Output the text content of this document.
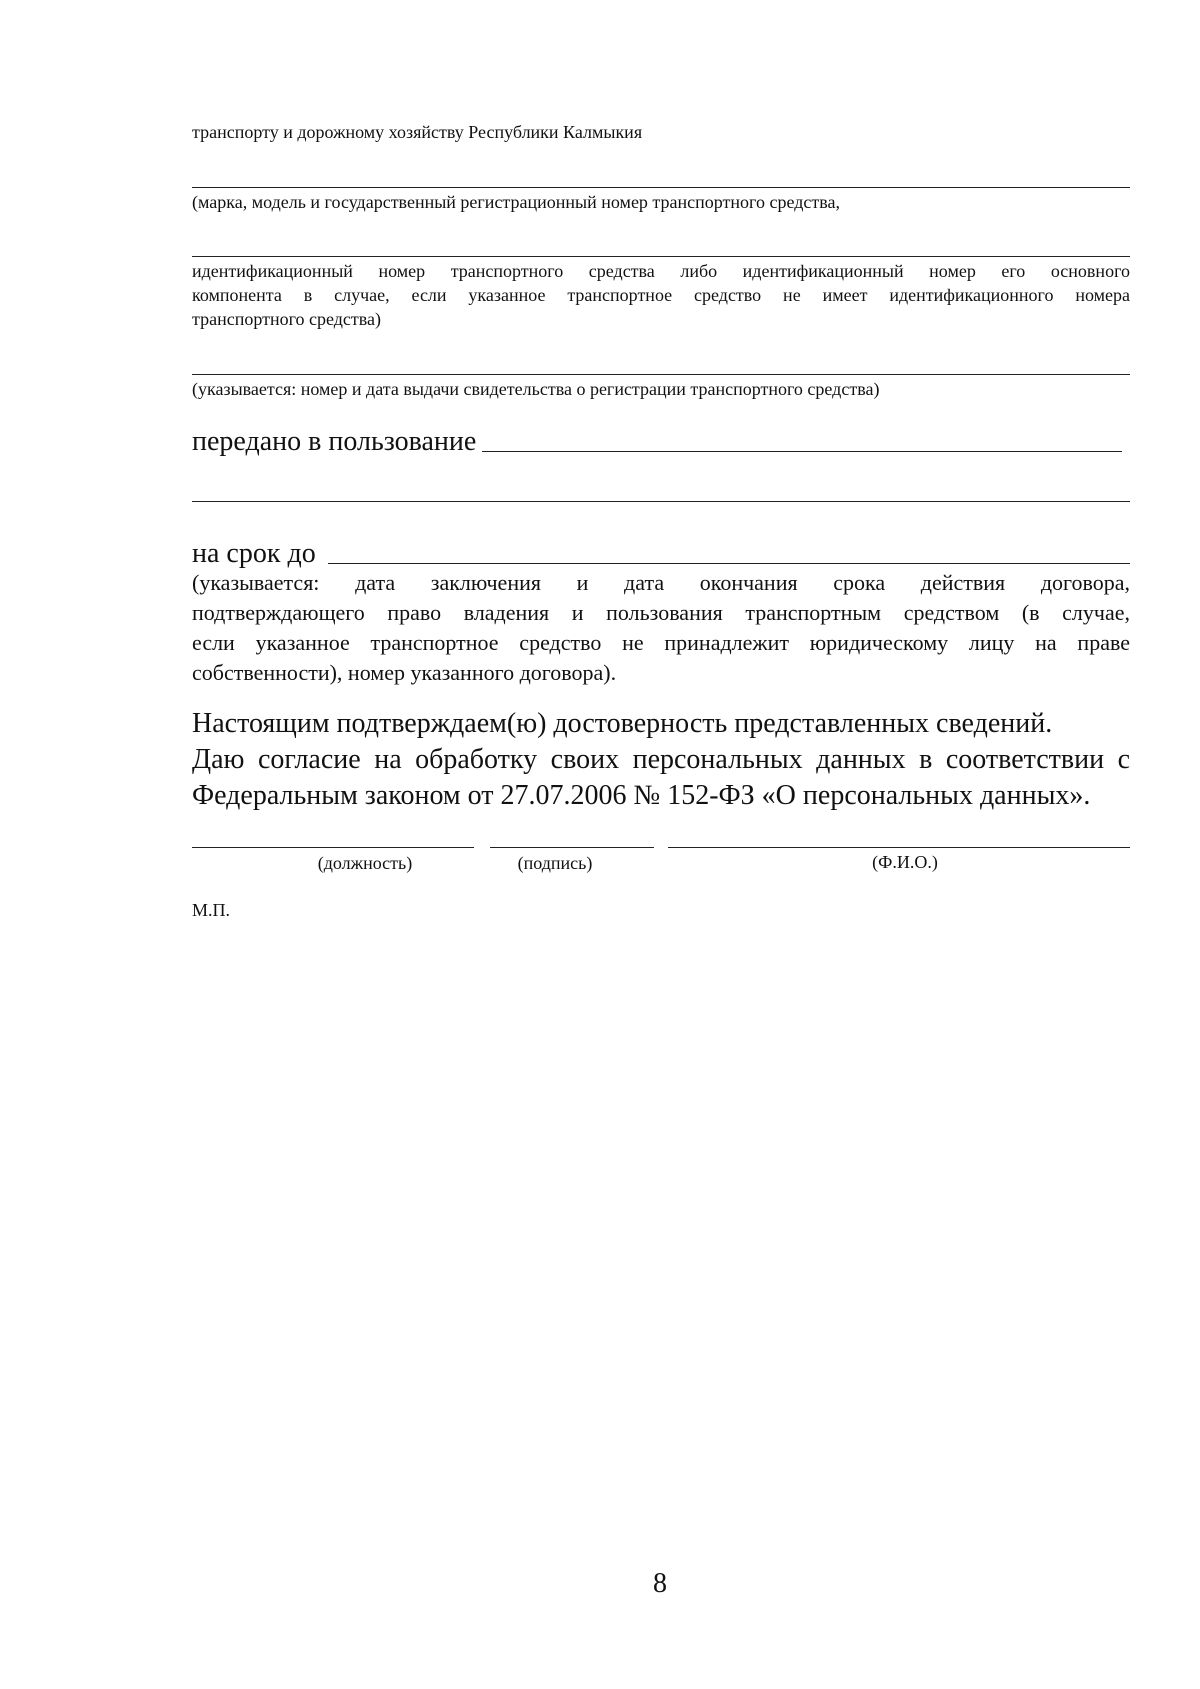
транспорту и дорожному хозяйству Республики Калмыкия
(марка, модель и государственный регистрационный номер транспортного средства,
идентификационный номер транспортного средства либо идентификационный номер его основного
компонента в случае, если указанное транспортное средство не имеет идентификационного номера
транспортного средства)
(указывается: номер и дата выдачи свидетельства о регистрации транспортного средства)
передано в пользование
на срок до
(указывается: дата заключения и дата окончания срока действия договора,
подтверждающего право владения и пользования транспортным средством (в случае,
если указанное транспортное средство не принадлежит юридическому лицу на праве
собственности), номер указанного договора).
Настоящим подтверждаем(ю) достоверность представленных сведений.
Даю согласие на обработку своих персональных данных в соответствии с
Федеральным законом от 27.07.2006 № 152-ФЗ «О персональных данных».
(должность)	(подпись)	(Ф.И.О.)
М.П.
8
